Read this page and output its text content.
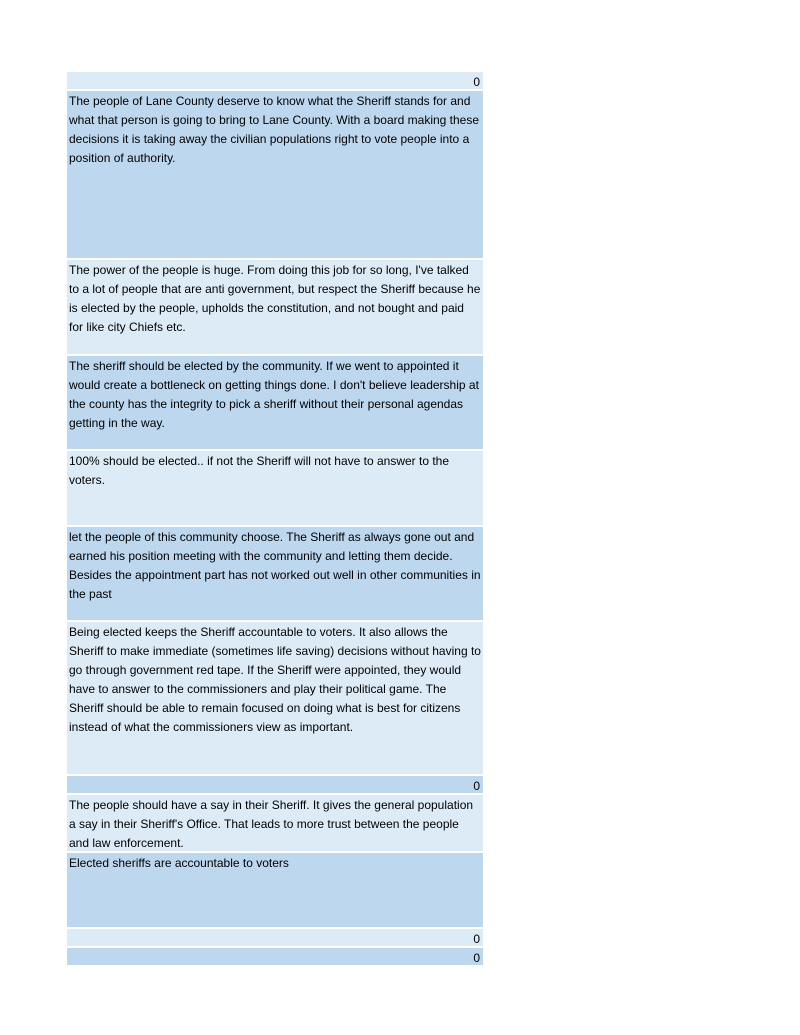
0
The people of Lane County deserve to know what the Sheriff stands for and what that person is going to bring to Lane County. With a board making these decisions it is taking away the civilian populations right to vote people into a position of authority.
The power of the people is huge. From doing this job for so long, I've talked to a lot of people that are anti government, but respect the Sheriff because he is elected by the people, upholds the constitution, and not bought and paid for like city Chiefs etc.
The sheriff should be elected by the community. If we went to appointed it would create a bottleneck on getting things done. I don't believe leadership at the county has the integrity to pick a sheriff without their personal agendas getting in the way.
100% should be elected.. if not the Sheriff will not have to answer to the voters.
let the people of this community choose. The Sheriff as always gone out and earned his position meeting with the community and letting them decide. Besides the appointment part has not worked out well in other communities in the past
Being elected keeps the Sheriff accountable to voters. It also allows the Sheriff to make immediate (sometimes life saving) decisions without having to go through government red tape. If the Sheriff were appointed, they would have to answer to the commissioners and play their political game. The Sheriff should be able to remain focused on doing what is best for citizens instead of what the commissioners view as important.
0
The people should have a say in their Sheriff. It gives the general population a say in their Sheriff's Office. That leads to more trust between the people and law enforcement.
Elected sheriffs are accountable to voters
0
0
